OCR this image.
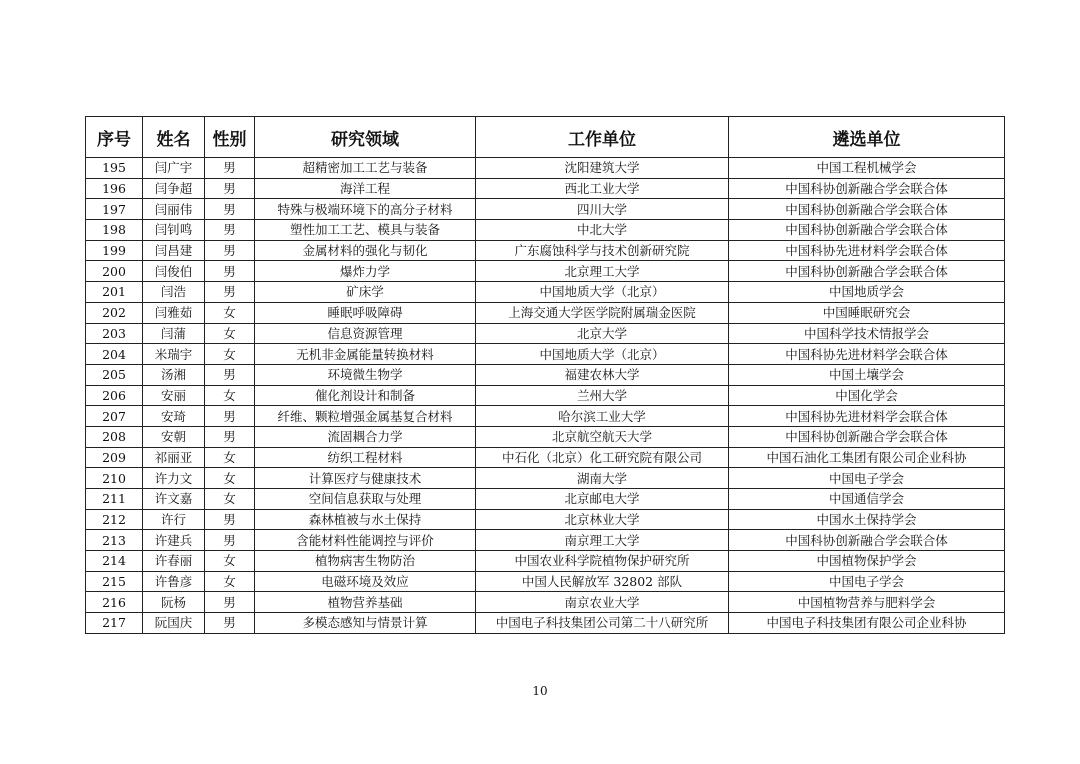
序号	姓名	性别	研究领域	工作单位	遴选单位
195	闫广宇	男	超精密加工工艺与装备	沈阳建筑大学	中国工程机械学会
196	闫争超	男	海洋工程	西北工业大学	中国科协创新融合学会联合体
197	闫丽伟	男	特殊与极端环境下的高分子材料	四川大学	中国科协创新融合学会联合体
198	闫钊鸣	男	塑性加工工艺、模具与装备	中北大学	中国科协创新融合学会联合体
199	闫昌建	男	金属材料的强化与韧化	广东腐蚀科学与技术创新研究院	中国科协先进材料学会联合体
200	闫俊伯	男	爆炸力学	北京理工大学	中国科协创新融合学会联合体
201	闫浩	男	矿床学	中国地质大学（北京）	中国地质学会
202	闫雅茹	女	睡眠呼吸障碍	上海交通大学医学院附属瑞金医院	中国睡眠研究会
203	闫蒲	女	信息资源管理	北京大学	中国科学技术情报学会
204	米瑞宇	女	无机非金属能量转换材料	中国地质大学（北京）	中国科协先进材料学会联合体
205	汤湘	男	环境微生物学	福建农林大学	中国土壤学会
206	安丽	女	催化剂设计和制备	兰州大学	中国化学会
207	安琦	男	纤维、颗粒增强金属基复合材料	哈尔滨工业大学	中国科协先进材料学会联合体
208	安朝	男	流固耦合力学	北京航空航天大学	中国科协创新融合学会联合体
209	祁丽亚	女	纺织工程材料	中石化（北京）化工研究院有限公司	中国石油化工集团有限公司企业科协
210	许力文	女	计算医疗与健康技术	湖南大学	中国电子学会
211	许文嘉	女	空间信息获取与处理	北京邮电大学	中国通信学会
212	许行	男	森林植被与水土保持	北京林业大学	中国水土保持学会
213	许建兵	男	含能材料性能调控与评价	南京理工大学	中国科协创新融合学会联合体
214	许春丽	女	植物病害生物防治	中国农业科学院植物保护研究所	中国植物保护学会
215	许鲁彦	女	电磁环境及效应	中国人民解放军 32802 部队	中国电子学会
216	阮杨	男	植物营养基础	南京农业大学	中国植物营养与肥料学会
217	阮国庆	男	多模态感知与情景计算	中国电子科技集团公司第二十八研究所	中国电子科技集团有限公司企业科协
10
